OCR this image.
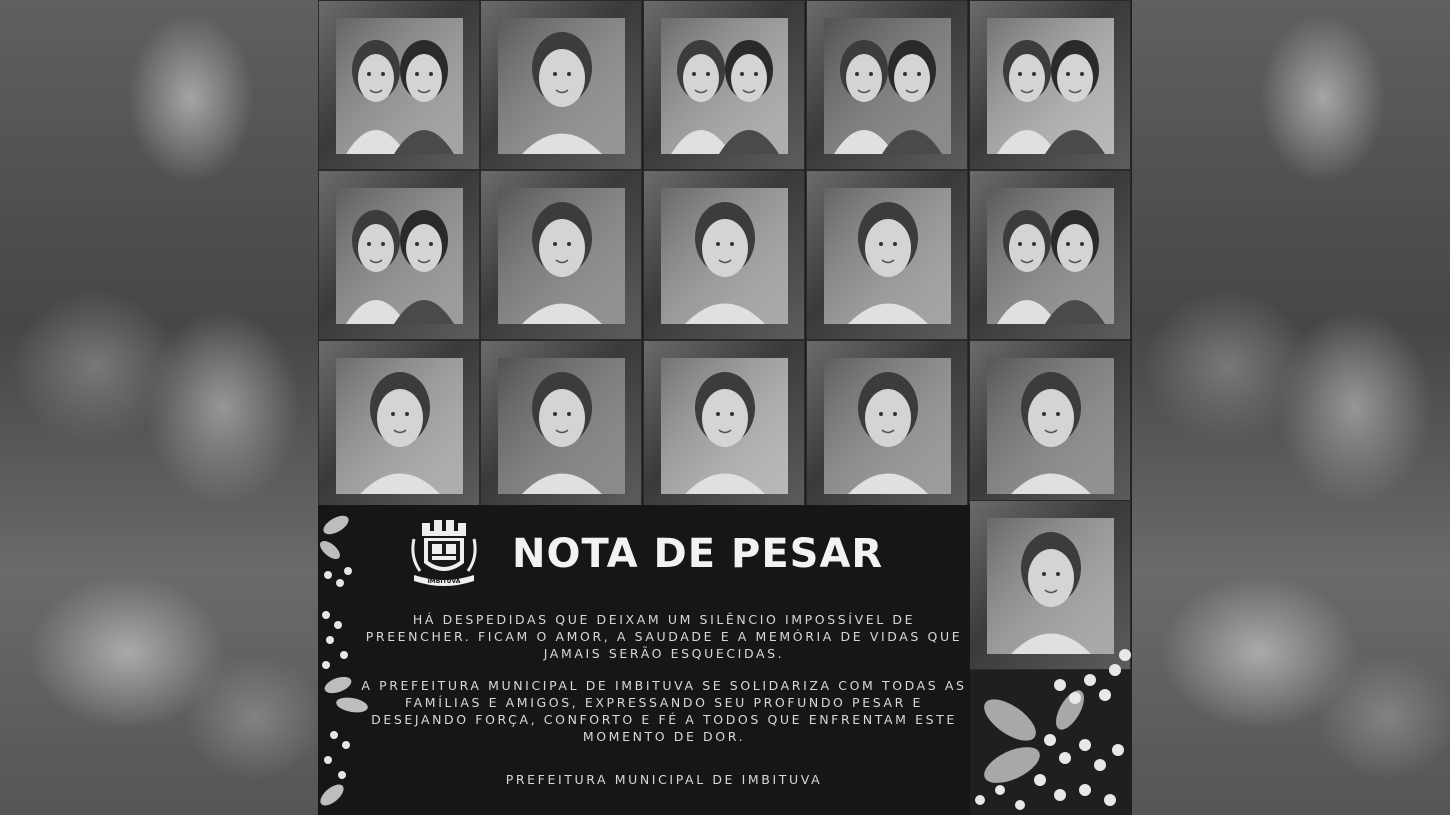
IMBITUVA
NOTA DE PESAR

HÁ DESPEDIDAS QUE DEIXAM UM SILÊNCIO IMPOSSÍVEL DE PREENCHER. FICAM O AMOR, A SAUDADE E A MEMÓRIA DE VIDAS QUE JAMAIS SERÃO ESQUECIDAS.

A PREFEITURA MUNICIPAL DE IMBITUVA SE SOLIDARIZA COM TODAS AS FAMÍLIAS E AMIGOS, EXPRESSANDO SEU PROFUNDO PESAR E DESEJANDO FORÇA, CONFORTO E FÉ A TODOS QUE ENFRENTAM ESTE MOMENTO DE DOR.

PREFEITURA MUNICIPAL DE IMBITUVA
